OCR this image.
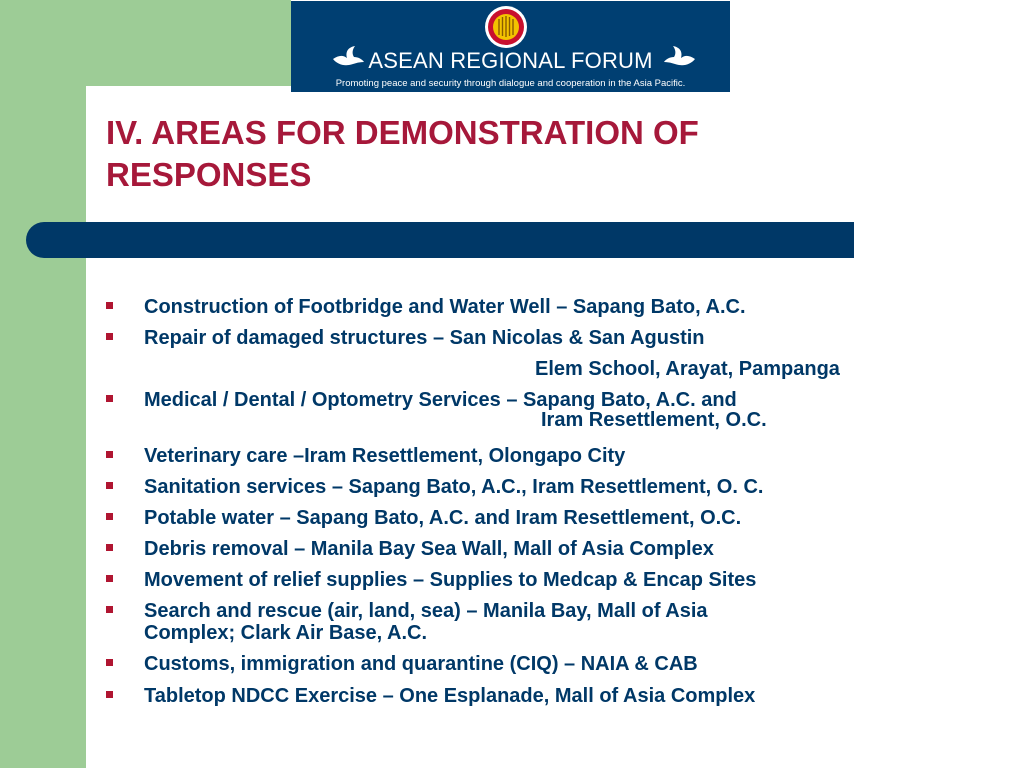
ASEAN REGIONAL FORUM
Promoting peace and security through dialogue and cooperation in the Asia Pacific.
IV. AREAS FOR DEMONSTRATION OF
RESPONSES
Construction of Footbridge and Water Well – Sapang Bato, A.C.
Repair of damaged structures – San Nicolas & San Agustin
Elem School, Arayat, Pampanga
Medical / Dental / Optometry Services – Sapang Bato, A.C. and
Iram Resettlement, O.C.
Veterinary care –Iram Resettlement, Olongapo City
Sanitation services – Sapang Bato, A.C., Iram Resettlement, O. C.
Potable water – Sapang Bato, A.C. and Iram Resettlement, O.C.
Debris removal – Manila Bay Sea Wall, Mall of Asia Complex
Movement of relief supplies – Supplies to Medcap & Encap Sites
Search and rescue (air, land, sea) – Manila Bay, Mall of Asia
Complex; Clark Air Base, A.C.
Customs, immigration and quarantine (CIQ) – NAIA & CAB
Tabletop NDCC Exercise – One Esplanade, Mall of Asia Complex
